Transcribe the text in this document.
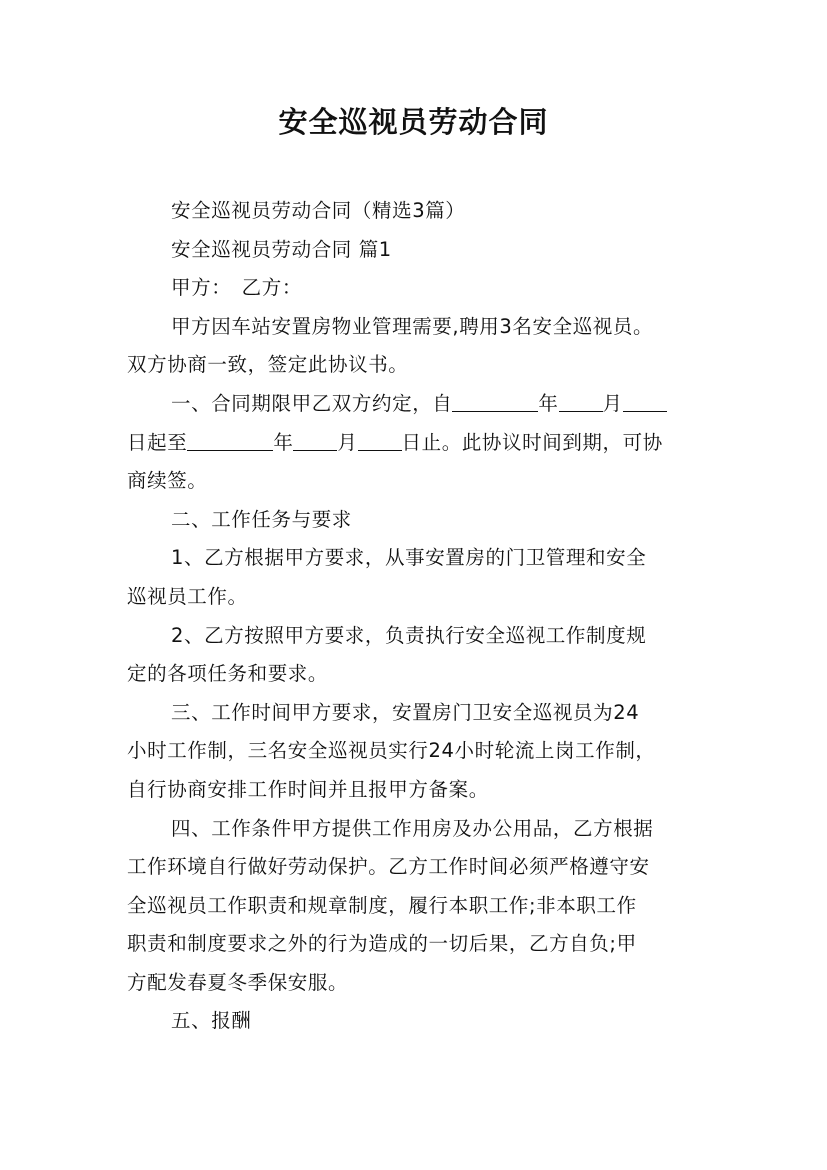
安全巡视员劳动合同

安全巡视员劳动合同（精选3篇）

安全巡视员劳动合同 篇1

甲方：　乙方：

甲方因车站安置房物业管理需要,聘用3名安全巡视员。

双方协商一致，签定此协议书。

一、合同期限甲乙双方约定，自	年 月

日起至	年 月 日止。此协议时间到期，可协

商续签。

二、工作任务与要求

1、乙方根据甲方要求，从事安置房的门卫管理和安全

巡视员工作。

2、乙方按照甲方要求，负责执行安全巡视工作制度规

定的各项任务和要求。

三、工作时间甲方要求，安置房门卫安全巡视员为24

小时工作制，三名安全巡视员实行24小时轮流上岗工作制，

自行协商安排工作时间并且报甲方备案。

四、工作条件甲方提供工作用房及办公用品，乙方根据

工作环境自行做好劳动保护。乙方工作时间必须严格遵守安

全巡视员工作职责和规章制度，履行本职工作;非本职工作

职责和制度要求之外的行为造成的一切后果，乙方自负;甲

方配发春夏冬季保安服。

五、报酬
